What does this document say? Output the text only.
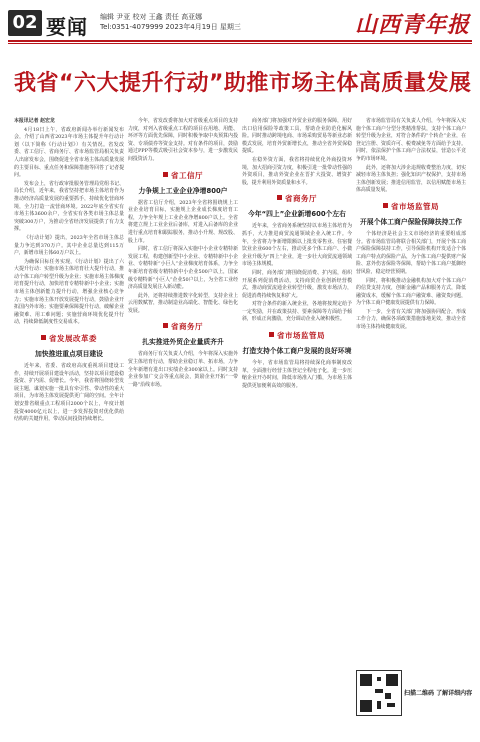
02 要闻 编辑 尹亚 校对 王鑫 责任 高亚娜
Tel:0351-4079999 2023年4月19日 星期三	山西青年报
我省“六大提升行动”助推市场主体高质量发展

本报讯记者 赵宏龙

4月18日上午，省政府新闻办举行新闻发布会，介绍了山西省2023年市场主体提升年行动计划（以下简称《行动计划》）有关情况。省发改委、省工信厅、省商务厅、省市场监管局相关负责人出席发布会，围绕促进全省市场主体高质量发展的主要目标、重点任务和保障措施等回答了记者提问。

发布会上，省行政审批服务管理局党组书记、局长介绍，近年来，我省坚持把市场主体培育作为推动经济高质量发展的重要抓手，持续优化营商环境，全力打造一流营商环境。2022年底全省实有市场主体3600余户，全省实有各类市场主体总量突破300万户，为推动全省经济发展提供了有力支撑。

《行动计划》提出，2023年全省市场主体总量力争达到370万户。其中企业总量达到115万户，新增市场主体60万户以上。

为确保目标任务实现，《行动计划》提出了六大提升行动：实施市场主体培育壮大提升行动，推动个体工商户转型升级为企业；实施市场主体梯度培育提升行动，加快培育专精特新中小企业；实施市场主体创新能力提升行动，增强企业核心竞争力；实施市场主体开放发展提升行动，鼓励企业开拓国内外市场；实施要素保障提升行动，破解企业融资难、用工难问题；实施营商环境优化提升行动，持续降低制度性交易成本。

省发展改革委
加快推进重点项目建设

近年来，省委、省政府高度重视项目建设工作，持续开展项目建设年活动，坚持以项目建设稳投资、扩内需、促增长。今年，我省将围绕转型发展主题，谋划实施一批具有牵引性、带动性的重大项目，为市场主体发展提供更广阔的空间。全年计划安排省级重点工程项目2000个以上，年度计划投资4000亿元以上，进一步发挥投资对优化供给结构的关键作用，带动民间投资持续增长。

今年，省发改委将加大对省级重点项目的支持力度，对列入省级重点工程的项目在用地、用能、环评等方面优先保障，同时积极争取中央预算内投资、专项债券等资金支持。对有条件的项目，鼓励通过PPP等模式吸引社会资本参与，进一步激发民间投资活力。

省工信厅
力争规上工业企业净增800户

据省工信厅介绍，2023年全省将围绕规上工业企业培育目标，实施规上企业成长梯度培育工程，力争全年规上工业企业净增800户以上。全省将建立规上工业企业后备库，对进入后备库的企业进行重点培育和跟踪服务，推动小升规、规改股、股上市。

同时，省工信厅将深入实施中小企业专精特新发展工程，构建创新型中小企业、专精特新中小企业、专精特新“小巨人”企业梯度培育体系，力争全年新培育省级专精特新中小企业500户以上，国家级专精特新“小巨人”企业50户以上，为全省工业经济高质量发展注入新动能。

此外，还将持续推进数字化转型，支持企业上云用数赋智，推动制造业高端化、智能化、绿色化发展。

省商务厅
扎实推进外贸企业量质齐升

省商务厅有关负责人介绍，今年将深入实施外贸主体培育行动，帮助企业稳订单、拓市场，力争全年新增有进出口实绩企业300家以上。同时支持企业参加广交会等重点展会，鼓励企业开拓“一带一路”沿线市场。

商务部门将加强对外贸企业的服务保障，用好出口信用保险等政策工具，帮助企业防范化解风险。同时推动跨境电商、市场采购贸易等新业态新模式发展，培育外贸新增长点，推动全省外贸保稳提质。

在稳外资方面，我省将持续优化外商投资环境，加大招商引资力度，积极引进一批带动性强的外资项目，推动外资企业在晋扩大投资、增资扩股，提升利用外资质量和水平。

省商务厅
今年“四上”企业新增600个左右

近年来，全省商务系统坚持以市场主体培育为抓手，大力推进商贸流通领域企业入统工作。今年，全省将力争新增限额以上批发零售业、住宿餐饮业企业600个左右，推动更多个体工商户、小微企业升级为“四上”企业，进一步壮大商贸流通领域市场主体规模。

同时，商务部门将围绕促消费、扩内需，组织开展系列促消费活动，支持商贸企业创新经营模式，推动商贸流通企业转型升级，激发市场活力，促进消费持续恢复和扩大。

对符合条件的新入统企业，各地将按规定给予一定奖励，并在政策扶持、要素保障等方面给予倾斜，形成正向激励，充分调动企业入统积极性。

省市场监管局
打造支持个体工商户发展的良好环境

今年，省市场监管局将持续深化商事制度改革，全面推行经营主体登记全程电子化，进一步压缩企业开办时间，降低市场准入门槛，为市场主体提供更加便利高效的服务。

省市场监管局有关负责人介绍，今年将深入实施个体工商户分型分类精准帮扶，支持个体工商户转型升级为企业，对符合条件的“个转企”企业，在登记注册、资质许可、税费减免等方面给予支持。同时，依法保护个体工商户合法权益，营造公平竞争的市场环境。

此外，还将加大涉企违规收费整治力度，切实减轻市场主体负担；强化知识产权保护，支持市场主体创新发展；推进信用监管，以信用赋能市场主体高质量发展。

省市场监管局
开展个体工商户保险保障扶持工作

个体经济是社会主义市场经济的重要组成部分。省市场监管局将联合相关部门，开展个体工商户保险保障扶持工作，引导保险机构开发适合个体工商户特点的保险产品，为个体工商户提供财产保险、意外伤害保险等保障，帮助个体工商户抵御经营风险，稳定经营预期。

同时，将积极推动金融机构加大对个体工商户的信贷支持力度，创新金融产品和服务方式，降低融资成本，缓解个体工商户融资难、融资贵问题，为个体工商户健康发展提供有力保障。

下一步，全省有关部门将加强协同配合，形成工作合力，确保各项政策措施落地见效，推动全省市场主体持续健康发展。

扫描二维码 了解详细内容
